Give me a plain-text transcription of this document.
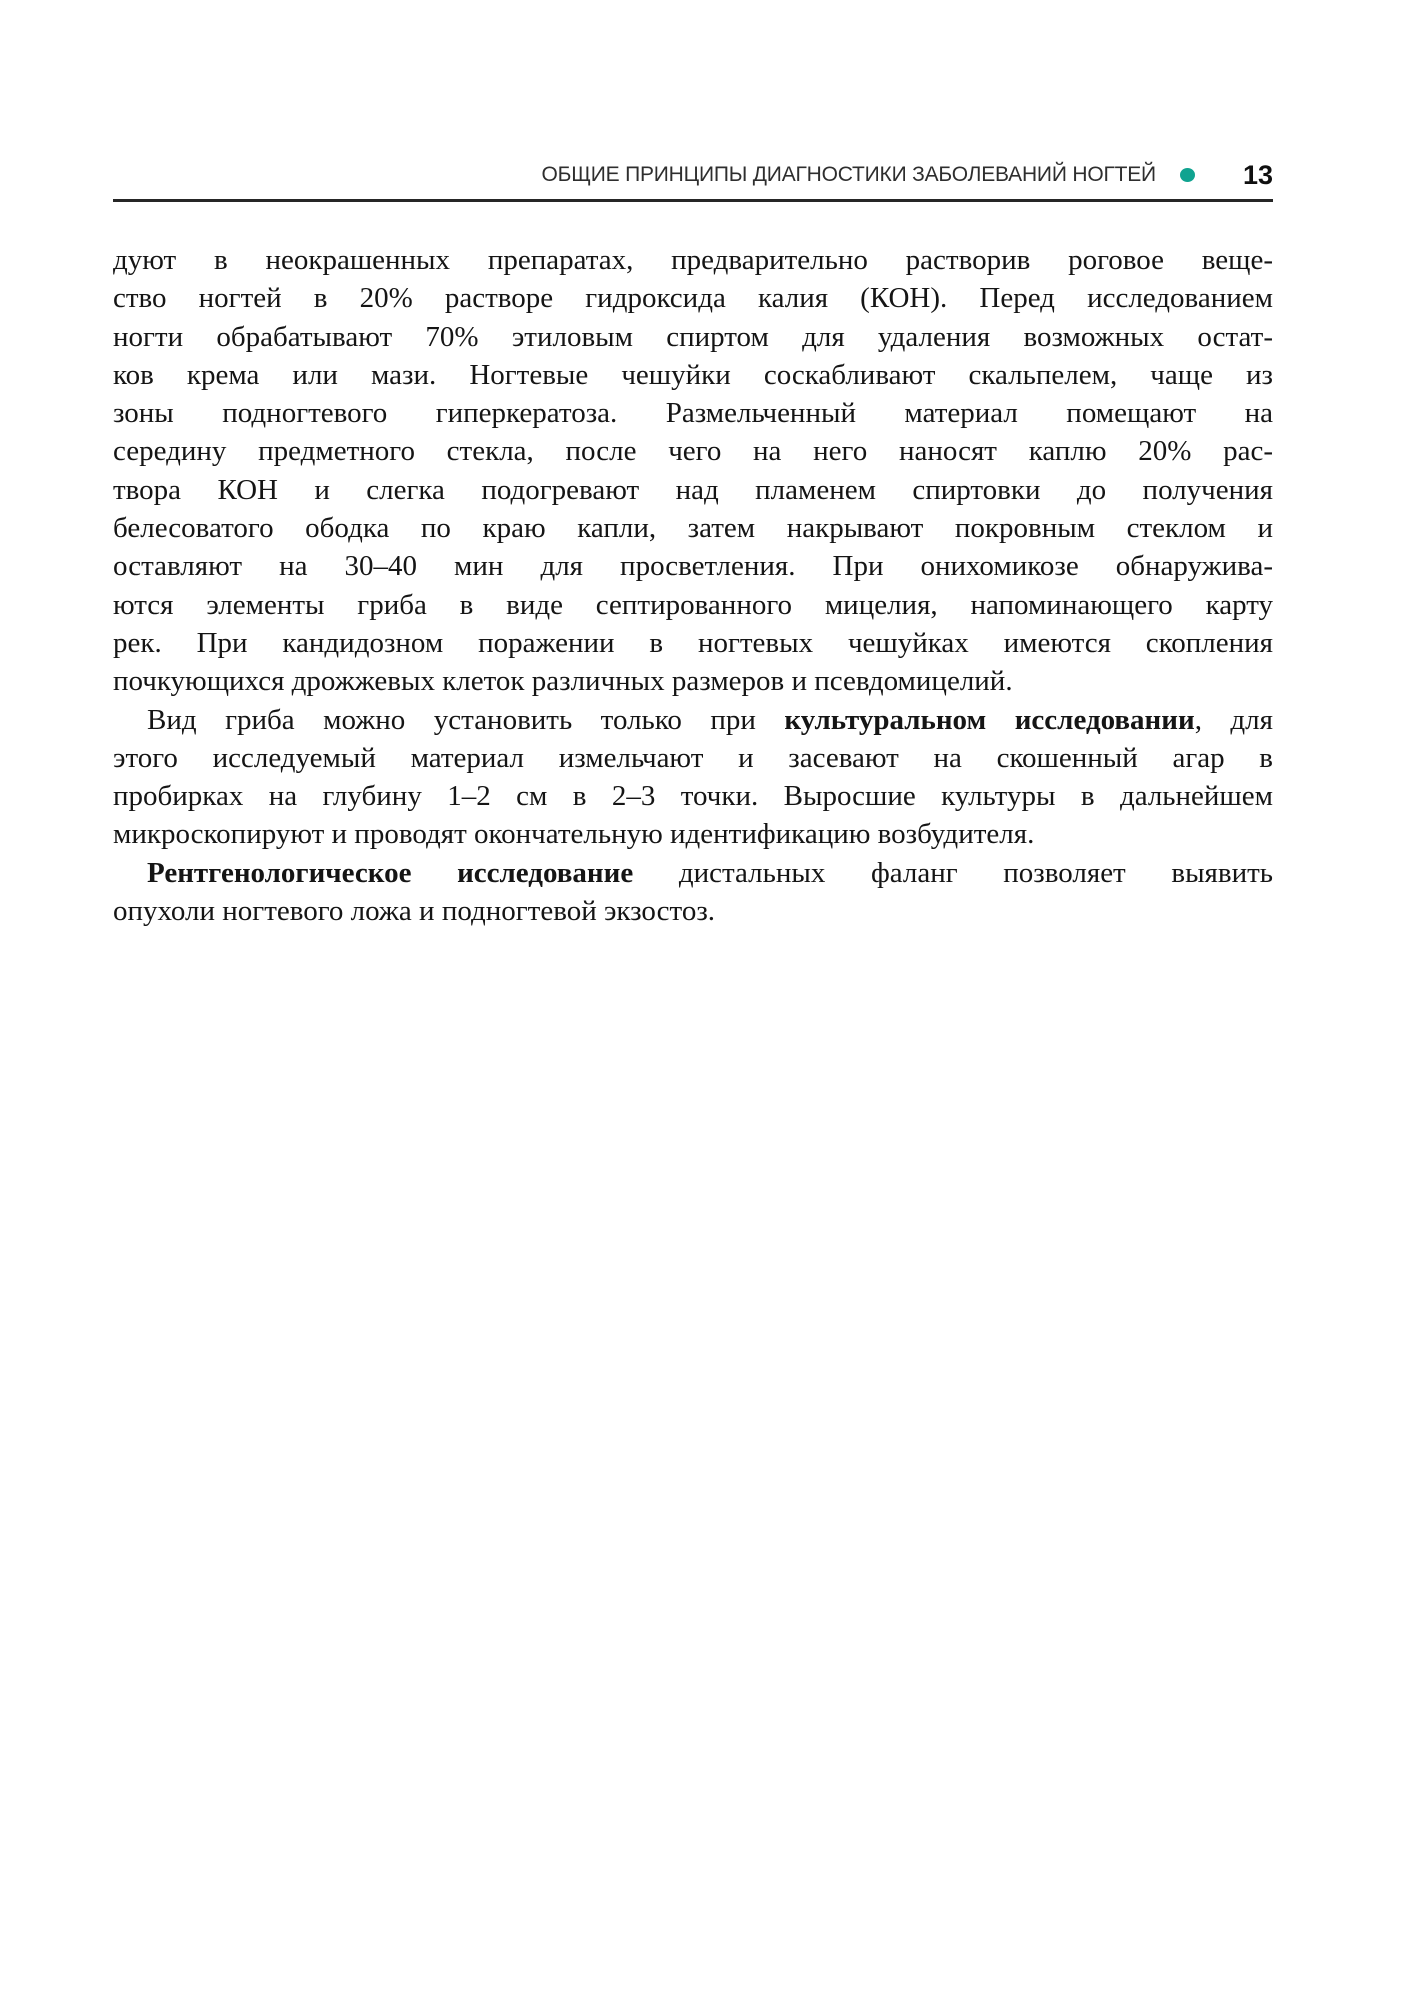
ОБЩИЕ ПРИНЦИПЫ ДИАГНОСТИКИ ЗАБОЛЕВАНИЙ НОГТЕЙ	13
дуют в неокрашенных препаратах, предварительно растворив роговое веще-
ство ногтей в 20% растворе гидроксида калия (КОН). Перед исследованием
ногти обрабатывают 70% этиловым спиртом для удаления возможных остат-
ков крема или мази. Ногтевые чешуйки соскабливают скальпелем, чаще из
зоны подногтевого гиперкератоза. Размельченный материал помещают на
середину предметного стекла, после чего на него наносят каплю 20% рас-
твора КОН и слегка подогревают над пламенем спиртовки до получения
белесоватого ободка по краю капли, затем накрывают покровным стеклом и
оставляют на 30–40 мин для просветления. При онихомикозе обнаружива-
ются элементы гриба в виде септированного мицелия, напоминающего карту
рек. При кандидозном поражении в ногтевых чешуйках имеются скопления
почкующихся дрожжевых клеток различных размеров и псевдомицелий.
Вид гриба можно установить только при культуральном исследовании, для
этого исследуемый материал измельчают и засевают на скошенный агар в
пробирках на глубину 1–2 см в 2–3 точки. Выросшие культуры в дальнейшем
микроскопируют и проводят окончательную идентификацию возбудителя.
Рентгенологическое исследование дистальных фаланг позволяет выявить
опухоли ногтевого ложа и подногтевой экзостоз.
